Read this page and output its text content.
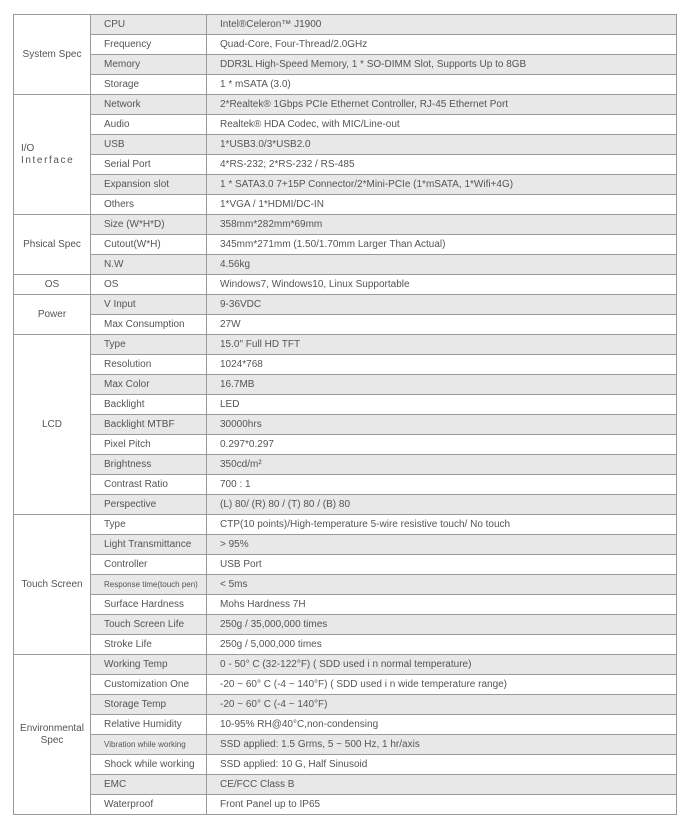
System Spec	CPU	Intel®Celeron™ J1900
	Frequency	Quad-Core, Four-Thread/2.0GHz
	Memory	DDR3L High-Speed Memory, 1 * SO-DIMM Slot, Supports Up to 8GB
	Storage	1 * mSATA (3.0)

I/O
Interface	Network	2*Realtek® 1Gbps PCIe Ethernet Controller, RJ-45 Ethernet Port
	Audio	Realtek® HDA Codec, with MIC/Line-out
	USB	1*USB3.0/3*USB2.0
	Serial Port	4*RS-232; 2*RS-232 / RS-485
	Expansion slot	1 * SATA3.0 7+15P Connector/2*Mini-PCIe (1*mSATA, 1*Wifi+4G)
	Others	1*VGA / 1*HDMI/DC-IN
Phsical Spec	Size (W*H*D)	358mm*282mm*69mm
	Cutout(W*H)	345mm*271mm (1.50/1.70mm Larger Than Actual)
	N.W	4.56kg
OS	OS	Windows7, Windows10, Linux Supportable
Power	V Input	9-36VDC
	Max Consumption	27W
LCD	Type	15.0" Full HD TFT
	Resolution	1024*768
	Max Color	16.7MB
	Backlight	LED
	Backlight MTBF	30000hrs
	Pixel Pitch	0.297*0.297
	Brightness	350cd/m²
	Contrast Ratio	700 : 1
	Perspective	(L) 80/ (R) 80 / (T) 80 / (B) 80
Touch Screen	Type	CTP(10 points)/High-temperature 5-wire resistive touch/ No touch
	Light Transmittance	> 95%
	Controller	USB Port
	Response time(touch pen)	< 5ms
	Surface Hardness	Mohs Hardness 7H
	Touch Screen Life	250g / 35,000,000 times
	Stroke Life	250g / 5,000,000 times

Environmental
Spec	Working Temp	0 - 50° C (32-122°F) ( SDD used i n normal temperature)
	Customization One	-20 ~ 60° C (-4 ~ 140°F) ( SDD used i n wide temperature range)
	Storage Temp	-20 ~ 60° C (-4 ~ 140°F)
	Relative Humidity	10-95% RH@40°C,non-condensing
	Vibration while working	SSD applied: 1.5 Grms, 5 ~ 500 Hz, 1 hr/axis
	Shock while working	SSD applied: 10 G, Half Sinusoid
	EMC	CE/FCC Class B
	Waterproof	Front Panel up to IP65
